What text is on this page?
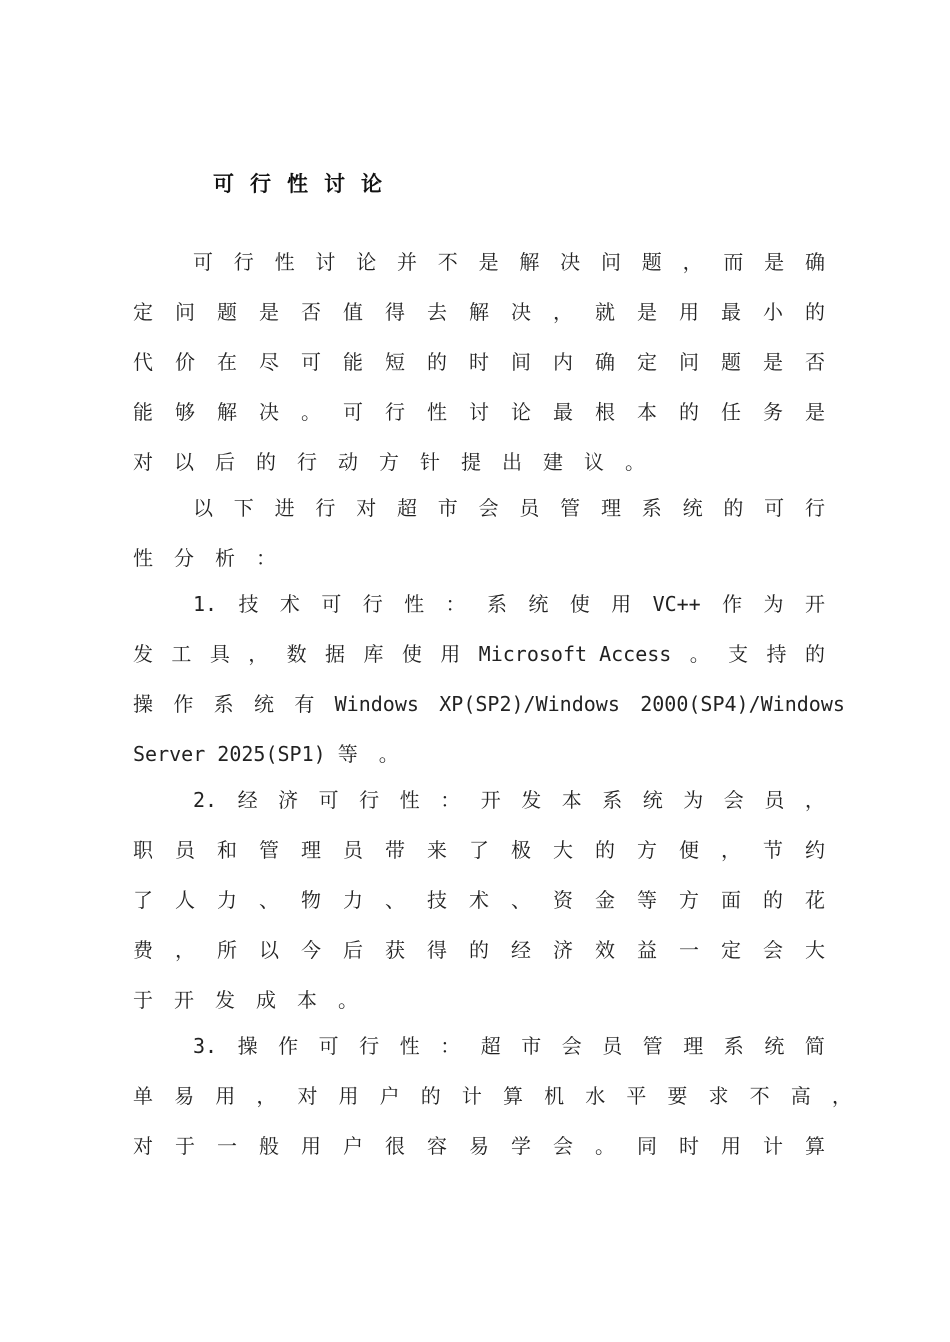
可行性讨论
可 行 性 讨 论 并 不 是 解 决 问 题 ， 而 是 确
定 问 题 是 否 值 得 去 解 决 ， 就 是 用 最 小 的
代 价 在 尽 可 能 短 的 时 间 内 确 定 问 题 是 否
能 够 解 决 。 可 行 性 讨 论 最 根 本 的 任 务 是
对 以 后 的 行 动 方 针 提 出 建 议 。
以 下 进 行 对 超 市 会 员 管 理 系 统 的 可 行
性 分 析 ：
1. 技 术 可 行 性 ： 系 统 使 用 VC++ 作 为 开
发 工 具 ， 数 据 库 使 用 Microsoft Access 。 支 持 的
操 作 系 统 有 Windows XP(SP2)/Windows 2000(SP4)/Windows
Server 2025(SP1) 等 。
2. 经 济 可 行 性 ： 开 发 本 系 统 为 会 员 ，
职 员 和 管 理 员 带 来 了 极 大 的 方 便 ， 节 约
了 人 力 、 物 力 、 技 术 、 资 金 等 方 面 的 花
费 ， 所 以 今 后 获 得 的 经 济 效 益 一 定 会 大
于 开 发 成 本 。
3. 操 作 可 行 性 ： 超 市 会 员 管 理 系 统 简
单 易 用 ， 对 用 户 的 计 算 机 水 平 要 求 不 高 ，
对 于 一 般 用 户 很 容 易 学 会 。 同 时 用 计 算
